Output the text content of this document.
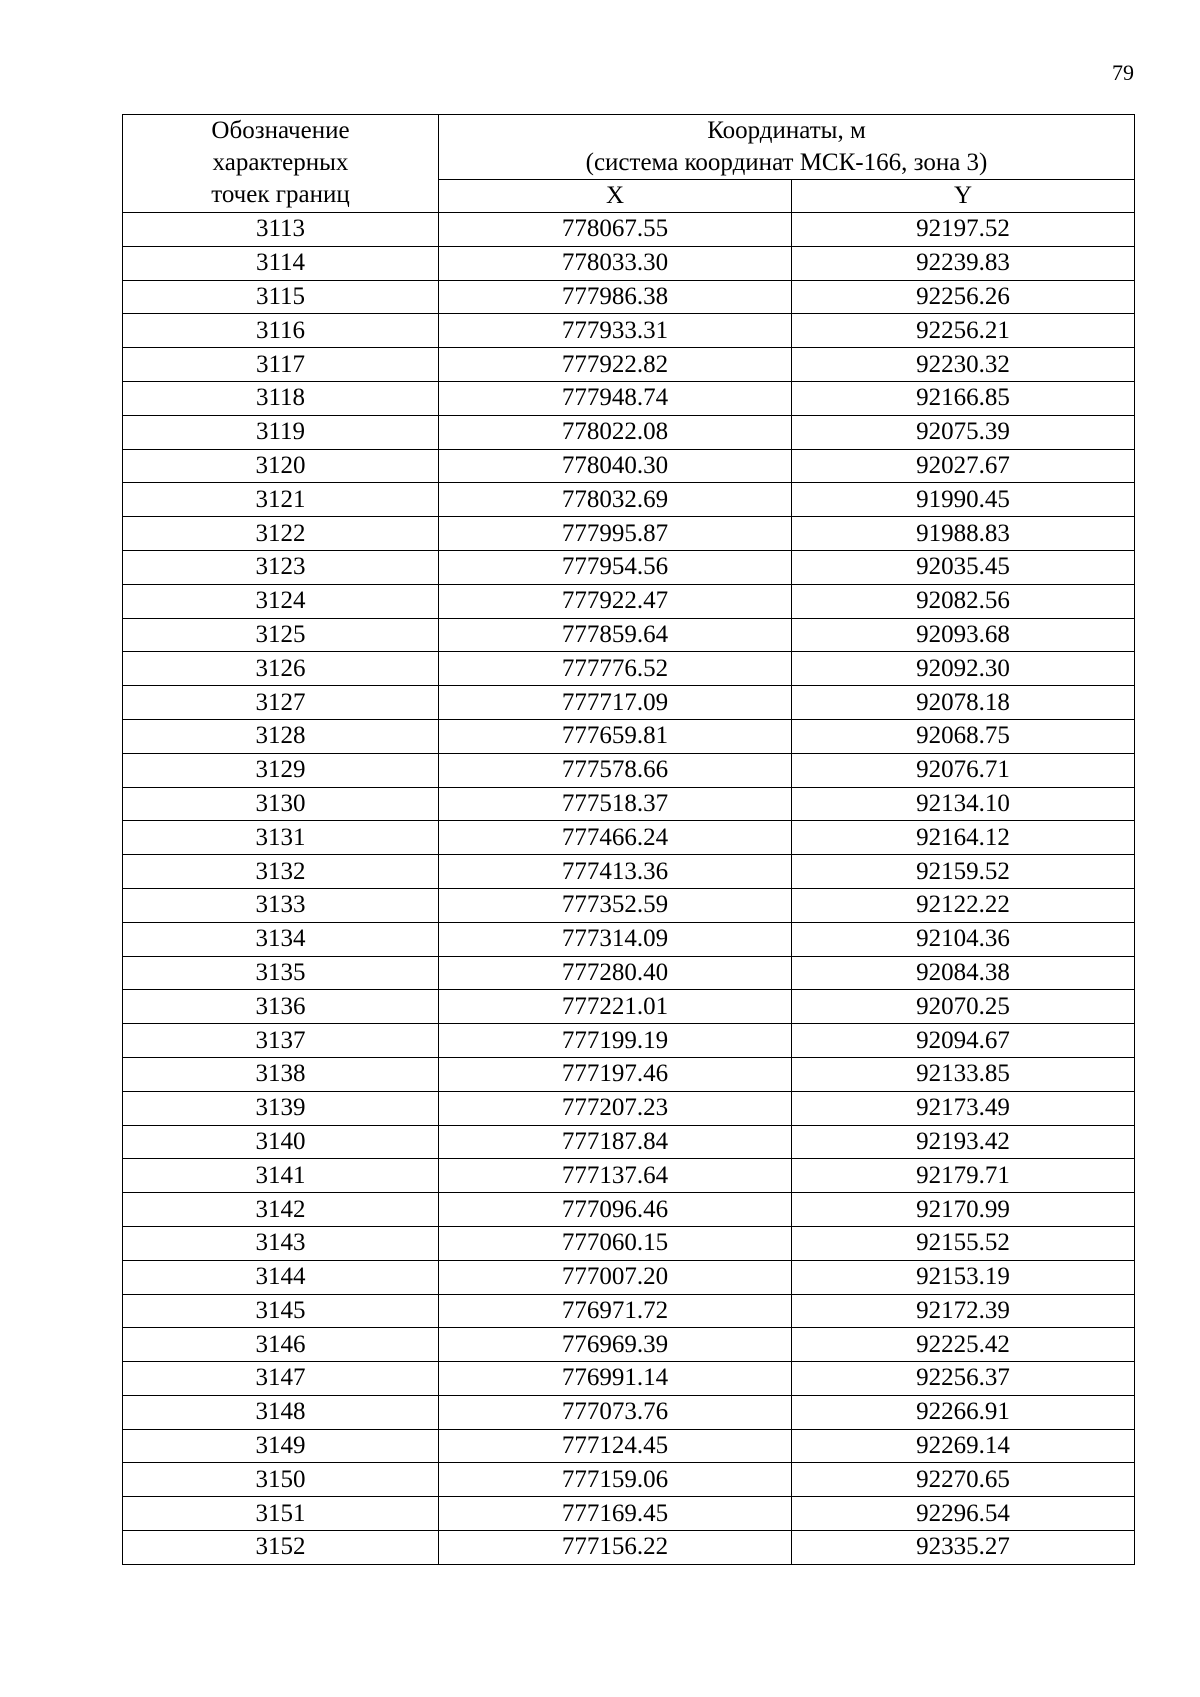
79
Обозначение
характерных
точек границ	Координаты, м
(система координат МСК-166, зона 3)	

	X	Y
3113	778067.55	92197.52
3114	778033.30	92239.83
3115	777986.38	92256.26
3116	777933.31	92256.21
3117	777922.82	92230.32
3118	777948.74	92166.85
3119	778022.08	92075.39
3120	778040.30	92027.67
3121	778032.69	91990.45
3122	777995.87	91988.83
3123	777954.56	92035.45
3124	777922.47	92082.56
3125	777859.64	92093.68
3126	777776.52	92092.30
3127	777717.09	92078.18
3128	777659.81	92068.75
3129	777578.66	92076.71
3130	777518.37	92134.10
3131	777466.24	92164.12
3132	777413.36	92159.52
3133	777352.59	92122.22
3134	777314.09	92104.36
3135	777280.40	92084.38
3136	777221.01	92070.25
3137	777199.19	92094.67
3138	777197.46	92133.85
3139	777207.23	92173.49
3140	777187.84	92193.42
3141	777137.64	92179.71
3142	777096.46	92170.99
3143	777060.15	92155.52
3144	777007.20	92153.19
3145	776971.72	92172.39
3146	776969.39	92225.42
3147	776991.14	92256.37
3148	777073.76	92266.91
3149	777124.45	92269.14
3150	777159.06	92270.65
3151	777169.45	92296.54
3152	777156.22	92335.27
